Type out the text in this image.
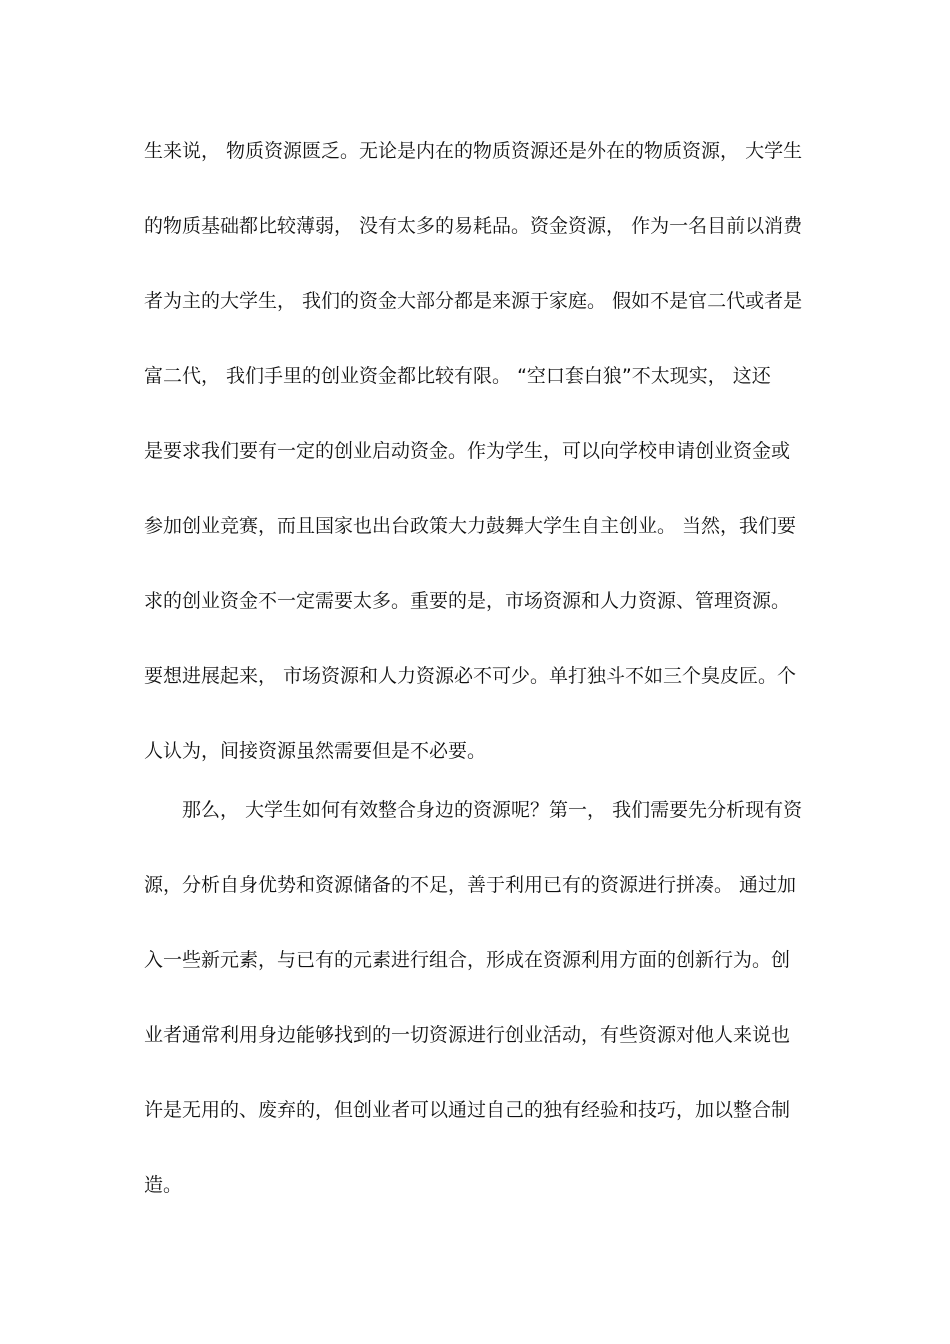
生来说， 物质资源匮乏。无论是内在的物质资源还是外在的物质资源， 大学生
的物质基础都比较薄弱， 没有太多的易耗品。资金资源， 作为一名目前以消费
者为主的大学生， 我们的资金大部分都是来源于家庭。 假如不是官二代或者是
富二代， 我们手里的创业资金都比较有限。 “空口套白狼”不太现实， 这还
是要求我们要有一定的创业启动资金。作为学生，可以向学校申请创业资金或
参加创业竞赛，而且国家也出台政策大力鼓舞大学生自主创业。 当然，我们要
求的创业资金不一定需要太多。重要的是，市场资源和人力资源、管理资源。
要想进展起来， 市场资源和人力资源必不可少。单打独斗不如三个臭皮匠。个
人认为，间接资源虽然需要但是不必要。
那么， 大学生如何有效整合身边的资源呢？第一， 我们需要先分析现有资
源，分析自身优势和资源储备的不足，善于利用已有的资源进行拼凑。 通过加
入一些新元素，与已有的元素进行组合，形成在资源利用方面的创新行为。创
业者通常利用身边能够找到的一切资源进行创业活动，有些资源对他人来说也
许是无用的、废弃的，但创业者可以通过自己的独有经验和技巧，加以整合制
造。
